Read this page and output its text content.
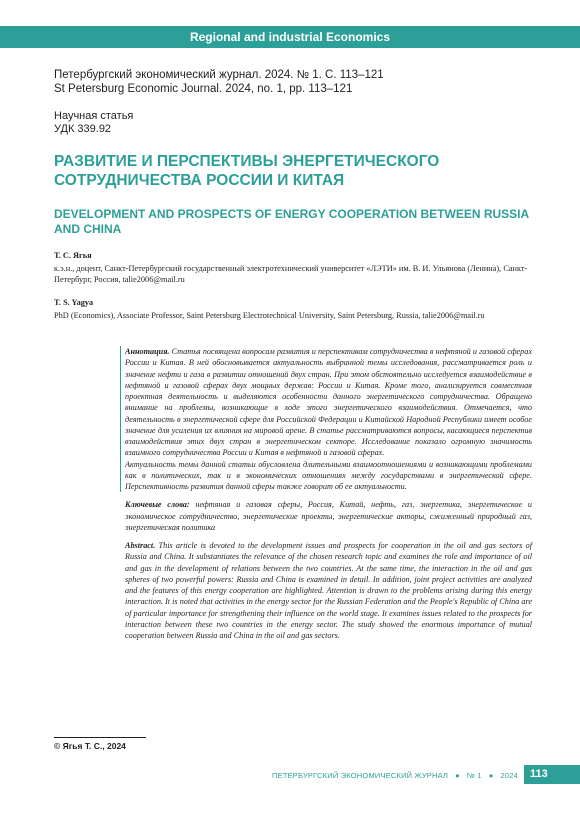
Regional and industrial Economics
Петербургский экономический журнал. 2024. № 1. С. 113–121
St Petersburg Economic Journal. 2024, no. 1, pp. 113–121
Научная статья
УДК 339.92
РАЗВИТИЕ И ПЕРСПЕКТИВЫ ЭНЕРГЕТИЧЕСКОГО СОТРУДНИЧЕСТВА РОССИИ И КИТАЯ
DEVELOPMENT AND PROSPECTS OF ENERGY COOPERATION BETWEEN RUSSIA AND CHINA
Т. С. Ягья
к.э.н., доцент, Санкт-Петербургский государственный электротехнический университет «ЛЭТИ» им. В. И. Ульянова (Ленина), Санкт-Петербург, Россия, talie2006@mail.ru
T. S. Yagya
PhD (Economics), Associate Professor, Saint Petersburg Electrotechnical University, Saint Petersburg, Russia, talie2006@mail.ru

Аннотация. Статья посвящена вопросам развития и перспективам сотрудничества в нефтяной и газовой сферах России и Китая. В ней обосновывается актуальность выбранной темы исследования, рассматривается роль и значение нефти и газа в развитии отношений двух стран. При этом обстоятельно исследуется взаимодействие в нефтяной и газовой сферах двух мощных держав: России и Китая. Кроме того, анализируется совместная проектная деятельность и выделяются особенности данного энергетического сотрудничества. Обращено внимание на проблемы, возникающие в ходе этого энергетического взаимодействия. Отмечается, что деятельность в энергетической сфере для Российской Федерации и Китайской Народной Республики имеет особое значение для усиления их влияния на мировой арене. В статье рассматриваются вопросы, касающиеся перспектив взаимодействия этих двух стран в энергетическом секторе. Исследование показало огромную значимость взаимного сотрудничества России и Китая в нефтяной и газовой сферах.

Актуальность темы данной статьи обусловлена длительными взаимоотношениями и возникающими проблемами как в политических, так и в экономических отношениях между государствами в энергетической сфере. Перспективность развития данной сферы также говорит об ее актуальности.

Ключевые слова: нефтяная и газовая сферы, Россия, Китай, нефть, газ, энергетика, энергетическое и экономическое сотрудничество, энергетические проекты, энергетические акторы, сжиженный природный газ, энергетическая политика

Abstract. This article is devoted to the development issues and prospects for cooperation in the oil and gas sectors of Russia and China. It substantiates the relevance of the chosen research topic and examines the role and importance of oil and gas in the development of relations between the two countries. At the same time, the interaction in the oil and gas spheres of two powerful powers: Russia and China is examined in detail. In addition, joint project activities are analyzed and the features of this energy cooperation are highlighted. Attention is drawn to the problems arising during this energy interaction. It is noted that activities in the energy sector for the Russian Federation and the People's Republic of China are of particular importance for strengthening their influence on the world stage. It examines issues related to the prospects for interaction between these two countries in the energy sector. The study showed the enormous importance of mutual cooperation between Russia and China in the oil and gas sectors.

© Ягья Т. С., 2024
ПЕТЕРБУРГСКИЙ ЭКОНОМИЧЕСКИЙ ЖУРНАЛ ● № 1 ● 2024	113
